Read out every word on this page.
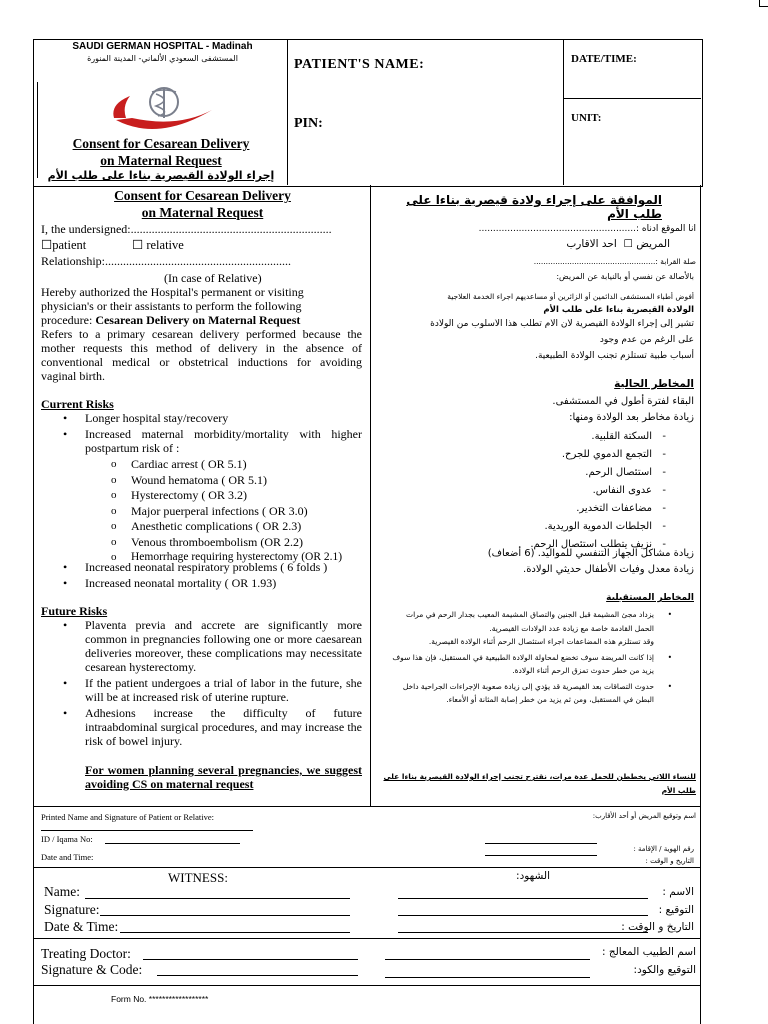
SAUDI GERMAN HOSPITAL - Madinah
المستشفى السعودي الألماني- المدينة المنورة
Consent for Cesarean Delivery
on Maternal Request
إجراء الولادة القيصرية بناءا على طلب الأم
PATIENT'S NAME:
PIN:
DATE/TIME:
UNIT:
Consent for Cesarean Delivery
on Maternal Request
I, the undersigned:...................................................................
☐patient	☐ relative
Relationship:..............................................................
(In case of Relative)
Hereby authorized the Hospital's permanent or visiting
physician's or their assistants to perform the following
procedure: Cesarean Delivery on Maternal Request
Refers to a primary cesarean delivery performed because the mother requests this method of delivery in the absence of conventional medical or obstetrical inductions for avoiding vaginal birth.
Current Risks
• Longer hospital stay/recovery
• Increased maternal morbidity/mortality with higher postpartum risk of :
o Cardiac arrest ( OR 5.1)
o Wound hematoma ( OR 5.1)
o Hysterectomy ( OR 3.2)
o Major puerperal infections ( OR 3.0)
o Anesthetic complications ( OR 2.3)
o Venous thromboembolism (OR 2.2)
o Hemorrhage requiring hysterectomy (OR 2.1)
• Increased neonatal respiratory problems ( 6 folds )
• Increased neonatal mortality ( OR 1.93)
Future Risks
• Plaventa previa and accrete are significantly more common in pregnancies following one or more caesarean deliveries moreover, these complications may necessitate cesarean hysterectomy.
• If the patient undergoes a trial of labor in the future, she will be at increased risk of uterine rupture.
• Adhesions increase the difficulty of future intraabdominal surgical procedures, and may increase the risk of bowel injury.
For women planning several pregnancies, we suggest avoiding CS on maternal request
الموافقة على إجراء ولادة قيصرية بناءا على طلب الأم
أنا الموقع أدناه :.......................................................
المريض ☐  احد الاقارب
صلة القرابة :...................................................
بالأصالة عن نفسي أو بالنيابة عن المريض:
أفوض أطباء المستشفى الدائمين أو الزائرين أو مساعديهم اجراء الخدمة العلاجية
الولادة القيصرية بناءا على طلب الأم
تشير إلى إجراء الولادة القيصرية لأن الأم تطلب هذا الأسلوب من الولادة
على الرغم من عدم وجود
أسباب طبية تستلزم تجنب الولادة الطبيعية.
المخاطر الحالية
البقاء لفترة أطول في المستشفى.
زيادة مخاطر بعد الولادة ومنها:
- السكتة القلبية.
- التجمع الدموي للجرح.
- استئصال الرحم.
- عدوى النفاس.
- مضاعفات التخدير.
- الجلطات الدموية الوريدية.
- نزيف يتطلب استئصال الرحم.
زيادة مشاكل الجهاز التنفسي للمواليد. (6 أضعاف)
زيادة معدل وفيات الأطفال حديثي الولادة.
المخاطر المستقبلية
• يزداد مجئ المشيمة قبل الجنين والتصاق المشيمة المعيب بجدار الرحم في مرات الحمل القادمة خاصة مع زيادة عدد الولادات القيصرية.
وقد تستلزم هذه المضاعفات اجراء استئصال الرحم أثناء الولادة القيصرية.
• إذا كانت المريضة سوف تخضع لمحاولة الولادة الطبيعية في المستقبل، فإن هذا سوف يزيد من خطر حدوث تمزق الرحم أثناء الولادة.
• حدوث التصاقات بعد القيصرية قد يؤدي إلى زيادة صعوبة الإجراءات الجراحية داخل البطن في المستقبل، ومن ثم يزيد من خطر إصابة المثانة أو الأمعاء.
للنساء اللاتي يخططن للحمل عدة مرات، نقترح تجنب إجراء الولادة القيصرية بناءا على طلب الأم
Printed Name and Signature of Patient or Relative:	اسم وتوقيع المريض أو أحد الأقارب:
ID / Iqama No:
رقم الهوية / الإقامة :
Date and Time:	التاريخ و الوقت :
WITNESS:	الشهود:
Name:	الاسم :
Signature:	التوقيع :
Date & Time:	التاريخ و الوقت :
Treating Doctor:	اسم الطبيب المعالج :
Signature & Code:	التوقيع والكود:
Form No. ******************
